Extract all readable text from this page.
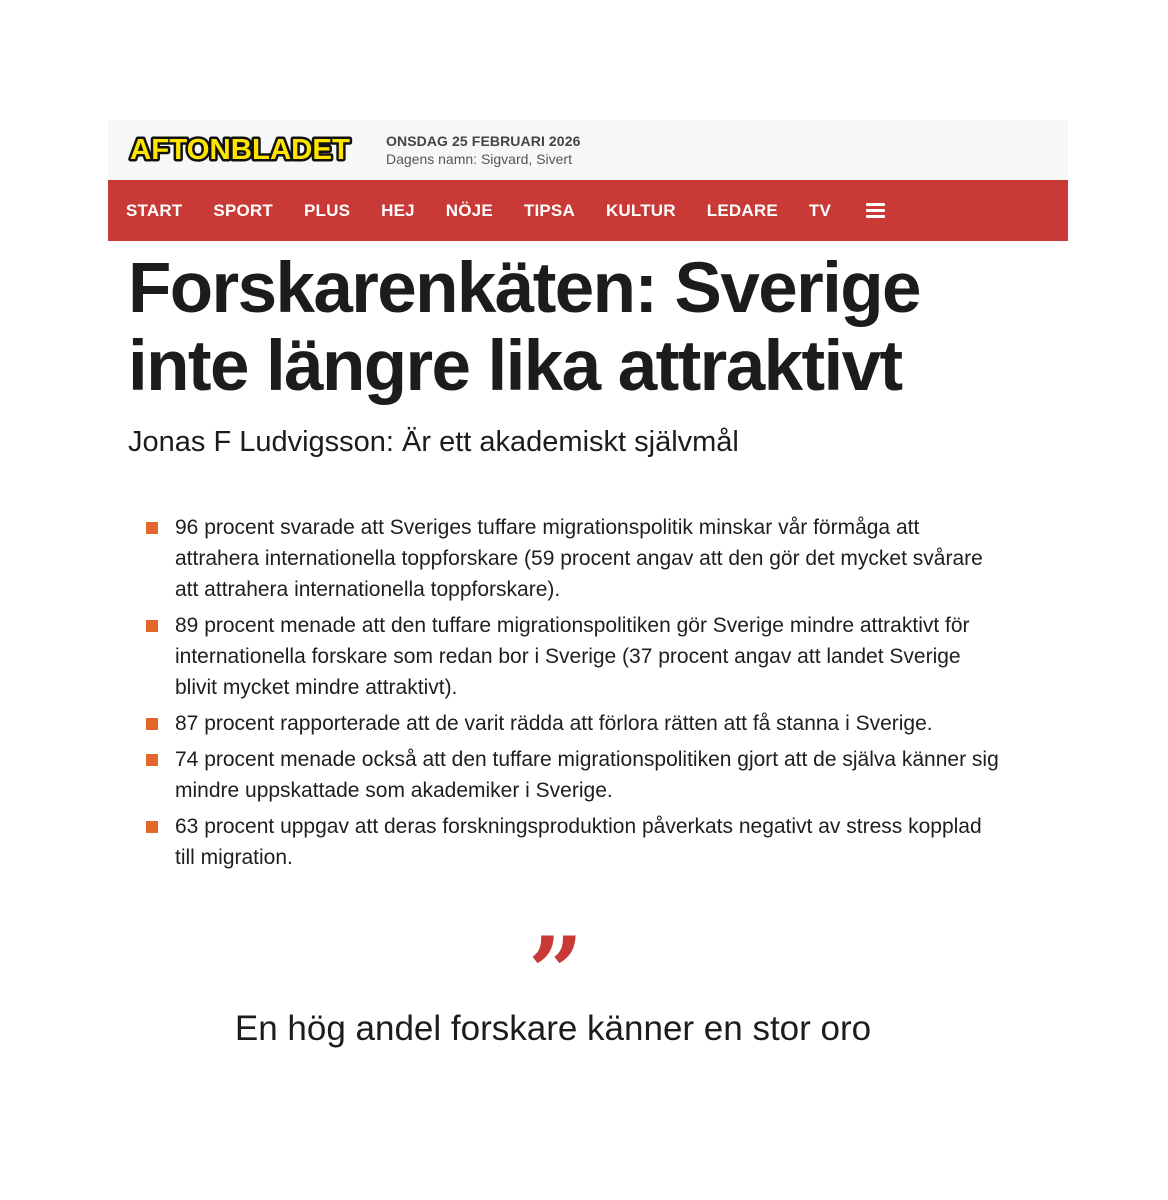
AFTONBLADET	ONSDAG 25 FEBRUARI 2026
Dagens namn: Sigvard, Sivert
START SPORT PLUS HEJ NÖJE TIPSA KULTUR LEDARE TV
Forskarenkäten: Sverige inte längre lika attraktivt
Jonas F Ludvigsson: Är ett akademiskt självmål
96 procent svarade att Sveriges tuffare migrationspolitik minskar vår förmåga att attrahera internationella toppforskare (59 procent angav att den gör det mycket svårare att attrahera internationella toppforskare).
89 procent menade att den tuffare migrationspolitiken gör Sverige mindre attraktivt för internationella forskare som redan bor i Sverige (37 procent angav att landet Sverige blivit mycket mindre attraktivt).
87 procent rapporterade att de varit rädda att förlora rätten att få stanna i Sverige.
74 procent menade också att den tuffare migrationspolitiken gjort att de själva känner sig mindre uppskattade som akademiker i Sverige.
63 procent uppgav att deras forskningsproduktion påverkats negativt av stress kopplad till migration.
”

En hög andel forskare känner en stor oro
